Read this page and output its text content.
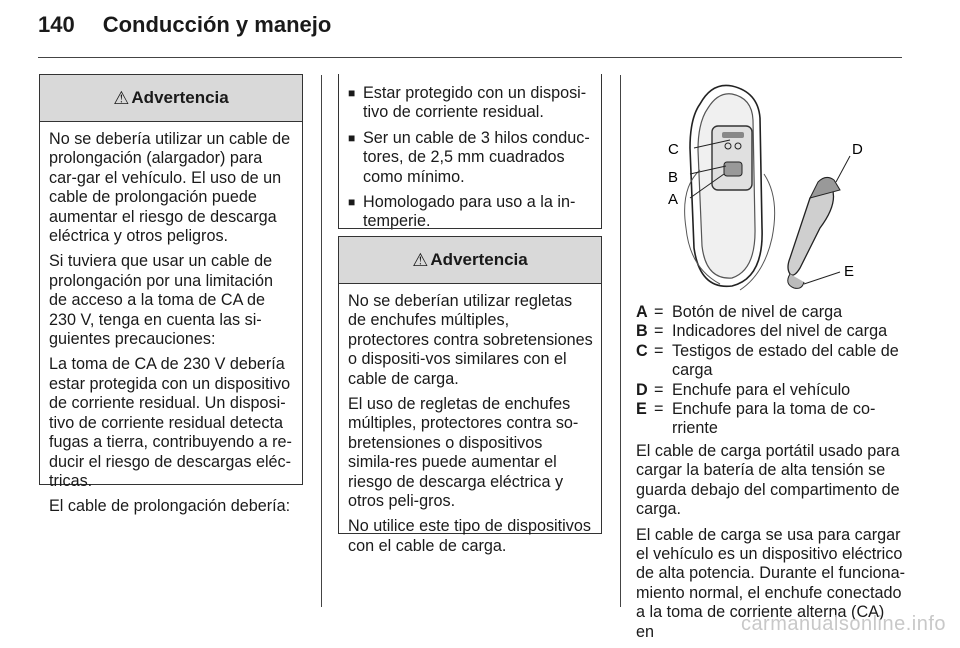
140 Conducción y manejo
⚠ Advertencia

No se debería utilizar un cable de prolongación (alargador) para car-gar el vehículo. El uso de un cable de prolongación puede aumentar el riesgo de descarga eléctrica y otros peligros.

Si tuviera que usar un cable de prolongación por una limitación de acceso a la toma de CA de 230 V, tenga en cuenta las si-guientes precauciones:

La toma de CA de 230 V debería estar protegida con un dispositivo de corriente residual. Un disposi-tivo de corriente residual detecta fugas a tierra, contribuyendo a re-ducir el riesgo de descargas eléc-tricas.

El cable de prolongación debería:

■ Estar protegido con un disposi-tivo de corriente residual.
■ Ser un cable de 3 hilos conduc-tores, de 2,5 mm cuadrados como mínimo.
■ Homologado para uso a la in-temperie.
⚠ Advertencia

No se deberían utilizar regletas de enchufes múltiples, protectores contra sobretensiones o dispositi-vos similares con el cable de carga.

El uso de regletas de enchufes múltiples, protectores contra so-bretensiones o dispositivos simila-res puede aumentar el riesgo de descarga eléctrica y otros peli-gros.

No utilice este tipo de dispositivos con el cable de carga.

C
B
A
D
E
A = Botón de nivel de carga
B = Indicadores del nivel de carga
C = Testigos de estado del cable de carga
D = Enchufe para el vehículo
E = Enchufe para la toma de co-rriente

El cable de carga portátil usado para cargar la batería de alta tensión se guarda debajo del compartimento de carga.

El cable de carga se usa para cargar el vehículo es un dispositivo eléctrico de alta potencia. Durante el funciona-miento normal, el enchufe conectado a la toma de corriente alterna (CA) en	carmanualsonline.info
